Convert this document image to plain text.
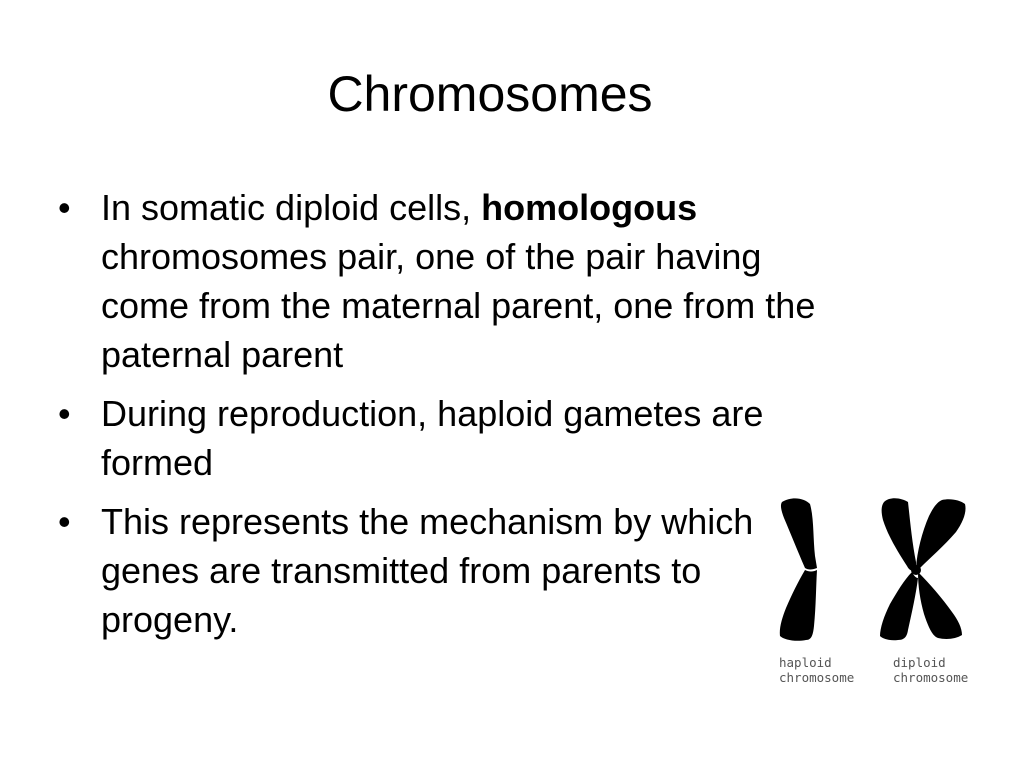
Chromosomes
• In somatic diploid cells, homologous chromosomes pair, one of the pair having come from the maternal parent, one from the paternal parent
• During reproduction, haploid gametes are formed
• This represents the mechanism by which genes are transmitted from parents to progeny.
haploid
chromosome
diploid
chromosome
